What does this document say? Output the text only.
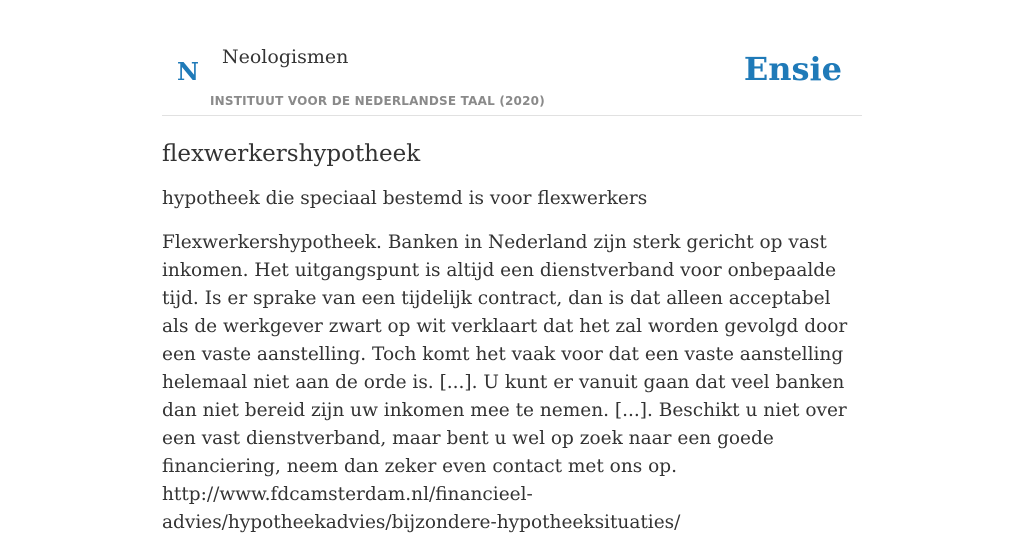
N Neologismen
INSTITUUT VOOR DE NEDERLANDSE TAAL (2020)
Ensie
flexwerkershypotheek
hypotheek die speciaal bestemd is voor flexwerkers

Flexwerkershypotheek. Banken in Nederland zijn sterk gericht op vast inkomen. Het uitgangspunt is altijd een dienstverband voor onbepaalde tijd. Is er sprake van een tijdelijk contract, dan is dat alleen acceptabel als de werkgever zwart op wit verklaart dat het zal worden gevolgd door een vaste aanstelling. Toch komt het vaak voor dat een vaste aanstelling helemaal niet aan de orde is. [...]. U kunt er vanuit gaan dat veel banken dan niet bereid zijn uw inkomen mee te nemen. [...]. Beschikt u niet over een vast dienstverband, maar bent u wel op zoek naar een goede financiering, neem dan zeker even contact met ons op. http://www.fdcamsterdam.nl/financieel-advies/hypotheekadvies/bijzondere-hypotheeksituaties/
